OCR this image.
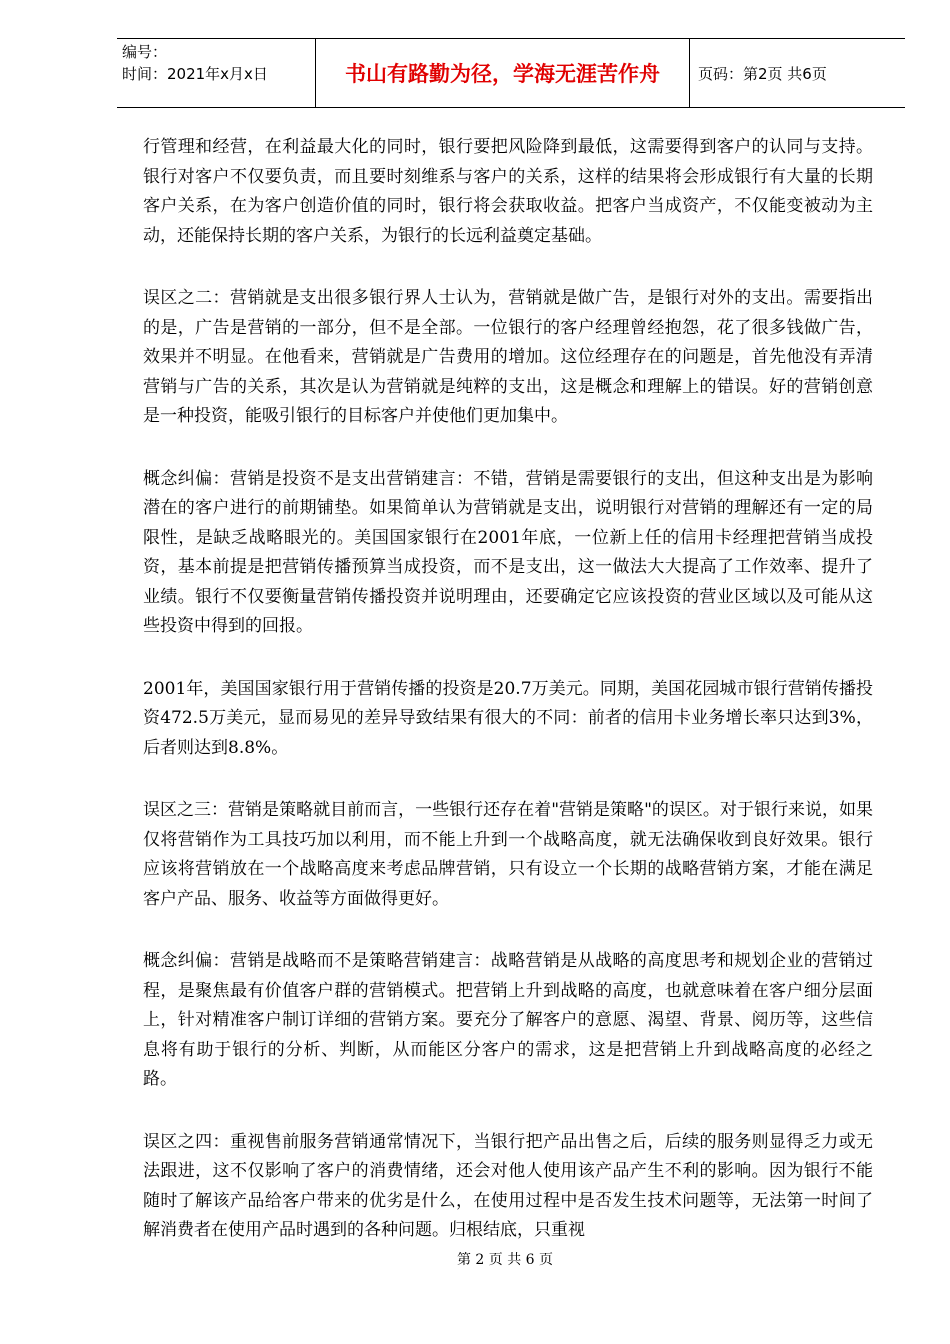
编号：
时间：2021年x月x日	书山有路勤为径，学海无涯苦作舟	页码：第2页 共6页

行管理和经营，在利益最大化的同时，银行要把风险降到最低，这需要得到客户的认同与支持。银行对客户不仅要负责，而且要时刻维系与客户的关系，这样的结果将会形成银行有大量的长期客户关系，在为客户创造价值的同时，银行将会获取收益。把客户当成资产，不仅能变被动为主动，还能保持长期的客户关系，为银行的长远利益奠定基础。

误区之二：营销就是支出很多银行界人士认为，营销就是做广告，是银行对外的支出。需要指出的是，广告是营销的一部分，但不是全部。一位银行的客户经理曾经抱怨，花了很多钱做广告，效果并不明显。在他看来，营销就是广告费用的增加。这位经理存在的问题是，首先他没有弄清营销与广告的关系，其次是认为营销就是纯粹的支出，这是概念和理解上的错误。好的营销创意是一种投资，能吸引银行的目标客户并使他们更加集中。

概念纠偏：营销是投资不是支出营销建言：不错，营销是需要银行的支出，但这种支出是为影响潜在的客户进行的前期铺垫。如果简单认为营销就是支出，说明银行对营销的理解还有一定的局限性，是缺乏战略眼光的。美国国家银行在2001年底，一位新上任的信用卡经理把营销当成投资，基本前提是把营销传播预算当成投资，而不是支出，这一做法大大提高了工作效率、提升了业绩。银行不仅要衡量营销传播投资并说明理由，还要确定它应该投资的营业区域以及可能从这些投资中得到的回报。

2001年，美国国家银行用于营销传播的投资是20.7万美元。同期，美国花园城市银行营销传播投资472.5万美元，显而易见的差异导致结果有很大的不同：前者的信用卡业务增长率只达到3%，后者则达到8.8%。

误区之三：营销是策略就目前而言，一些银行还存在着"营销是策略"的误区。对于银行来说，如果仅将营销作为工具技巧加以利用，而不能上升到一个战略高度，就无法确保收到良好效果。银行应该将营销放在一个战略高度来考虑品牌营销，只有设立一个长期的战略营销方案，才能在满足客户产品、服务、收益等方面做得更好。

概念纠偏：营销是战略而不是策略营销建言：战略营销是从战略的高度思考和规划企业的营销过程，是聚焦最有价值客户群的营销模式。把营销上升到战略的高度，也就意味着在客户细分层面上，针对精准客户制订详细的营销方案。要充分了解客户的意愿、渴望、背景、阅历等，这些信息将有助于银行的分析、判断，从而能区分客户的需求，这是把营销上升到战略高度的必经之路。

误区之四：重视售前服务营销通常情况下，当银行把产品出售之后，后续的服务则显得乏力或无法跟进，这不仅影响了客户的消费情绪，还会对他人使用该产品产生不利的影响。因为银行不能随时了解该产品给客户带来的优劣是什么，在使用过程中是否发生技术问题等，无法第一时间了解消费者在使用产品时遇到的各种问题。归根结底，只重视

第 2 页 共 6 页
